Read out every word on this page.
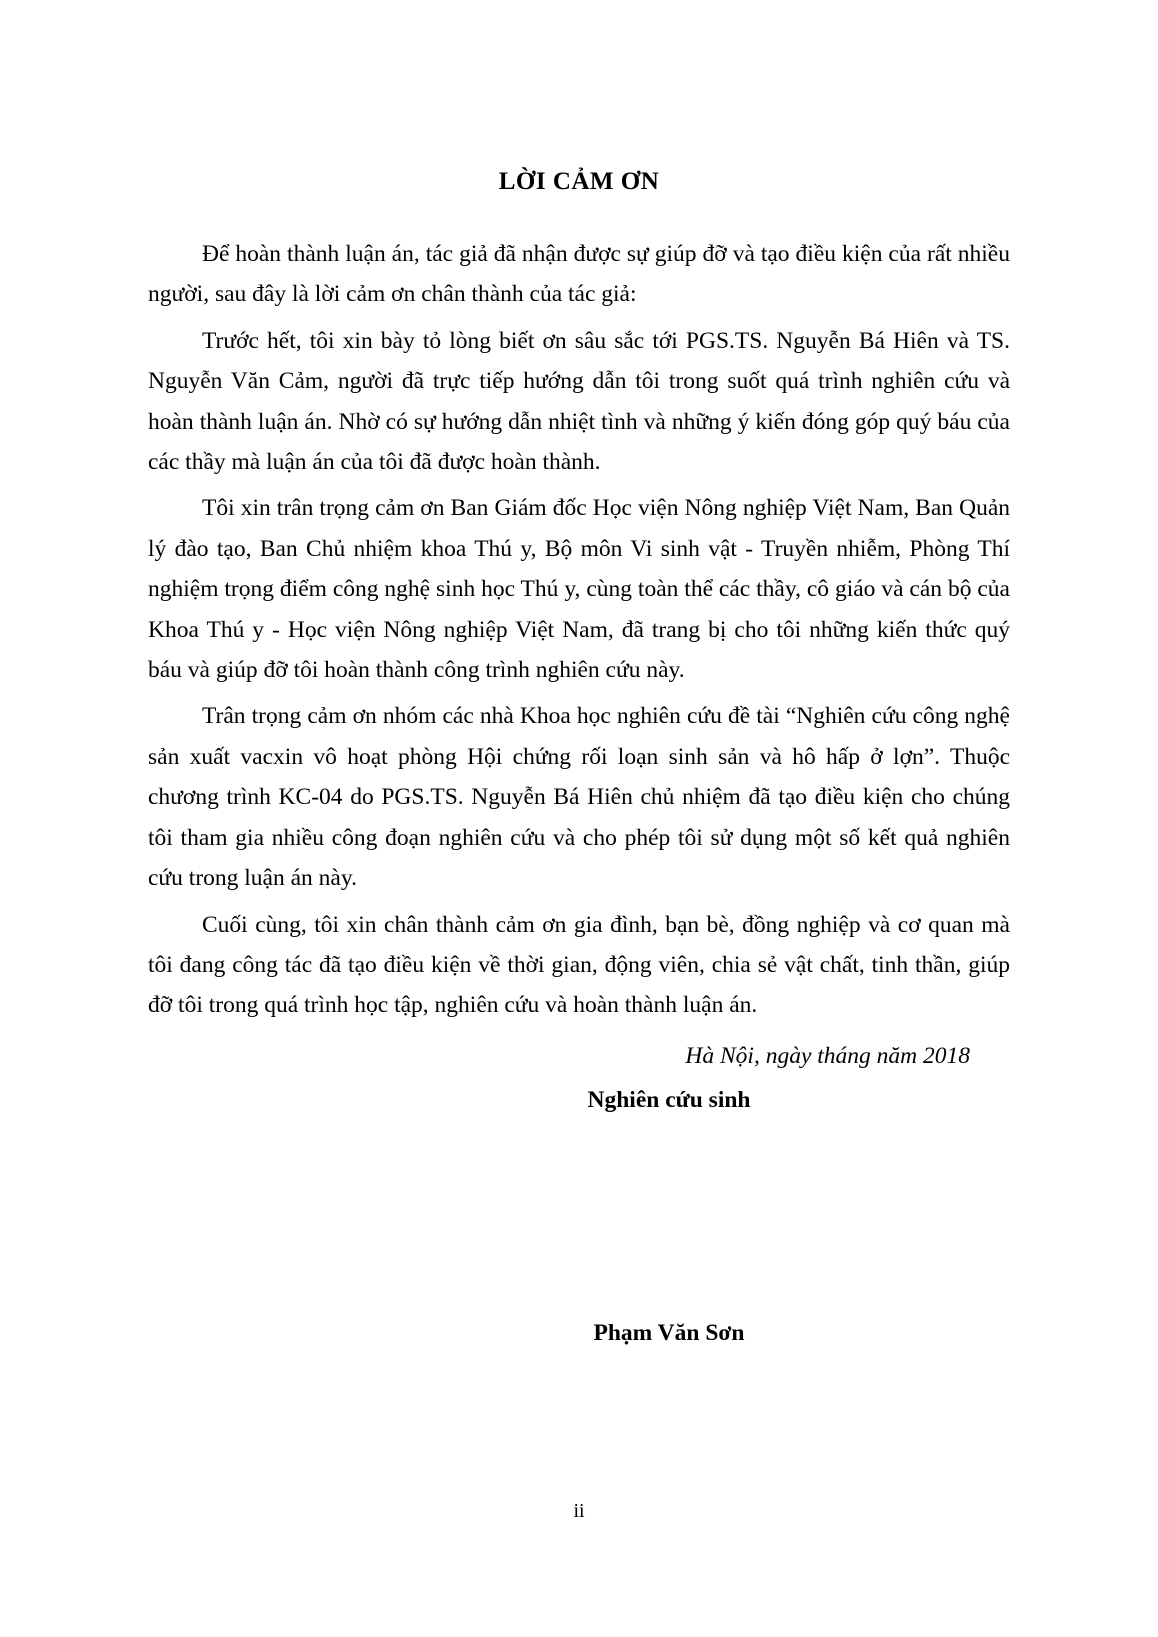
LỜI CẢM ƠN

Để hoàn thành luận án, tác giả đã nhận được sự giúp đỡ và tạo điều kiện của rất nhiều người, sau đây là lời cảm ơn chân thành của tác giả:

Trước hết, tôi xin bày tỏ lòng biết ơn sâu sắc tới PGS.TS. Nguyễn Bá Hiên và TS. Nguyễn Văn Cảm, người đã trực tiếp hướng dẫn tôi trong suốt quá trình nghiên cứu và hoàn thành luận án. Nhờ có sự hướng dẫn nhiệt tình và những ý kiến đóng góp quý báu của các thầy mà luận án của tôi đã được hoàn thành.

Tôi xin trân trọng cảm ơn Ban Giám đốc Học viện Nông nghiệp Việt Nam, Ban Quản lý đào tạo, Ban Chủ nhiệm khoa Thú y, Bộ môn Vi sinh vật - Truyền nhiễm, Phòng Thí nghiệm trọng điểm công nghệ sinh học Thú y, cùng toàn thể các thầy, cô giáo và cán bộ của Khoa Thú y - Học viện Nông nghiệp Việt Nam, đã trang bị cho tôi những kiến thức quý báu và giúp đỡ tôi hoàn thành công trình nghiên cứu này.

Trân trọng cảm ơn nhóm các nhà Khoa học nghiên cứu đề tài “Nghiên cứu công nghệ sản xuất vacxin vô hoạt phòng Hội chứng rối loạn sinh sản và hô hấp ở lợn”. Thuộc chương trình KC-04 do PGS.TS. Nguyễn Bá Hiên chủ nhiệm đã tạo điều kiện cho chúng tôi tham gia nhiều công đoạn nghiên cứu và cho phép tôi sử dụng một số kết quả nghiên cứu trong luận án này.

Cuối cùng, tôi xin chân thành cảm ơn gia đình, bạn bè, đồng nghiệp và cơ quan mà tôi đang công tác đã tạo điều kiện về thời gian, động viên, chia sẻ vật chất, tinh thần, giúp đỡ tôi trong quá trình học tập, nghiên cứu và hoàn thành luận án.

Hà Nội, ngày tháng năm 2018

Nghiên cứu sinh

Phạm Văn Sơn

ii
